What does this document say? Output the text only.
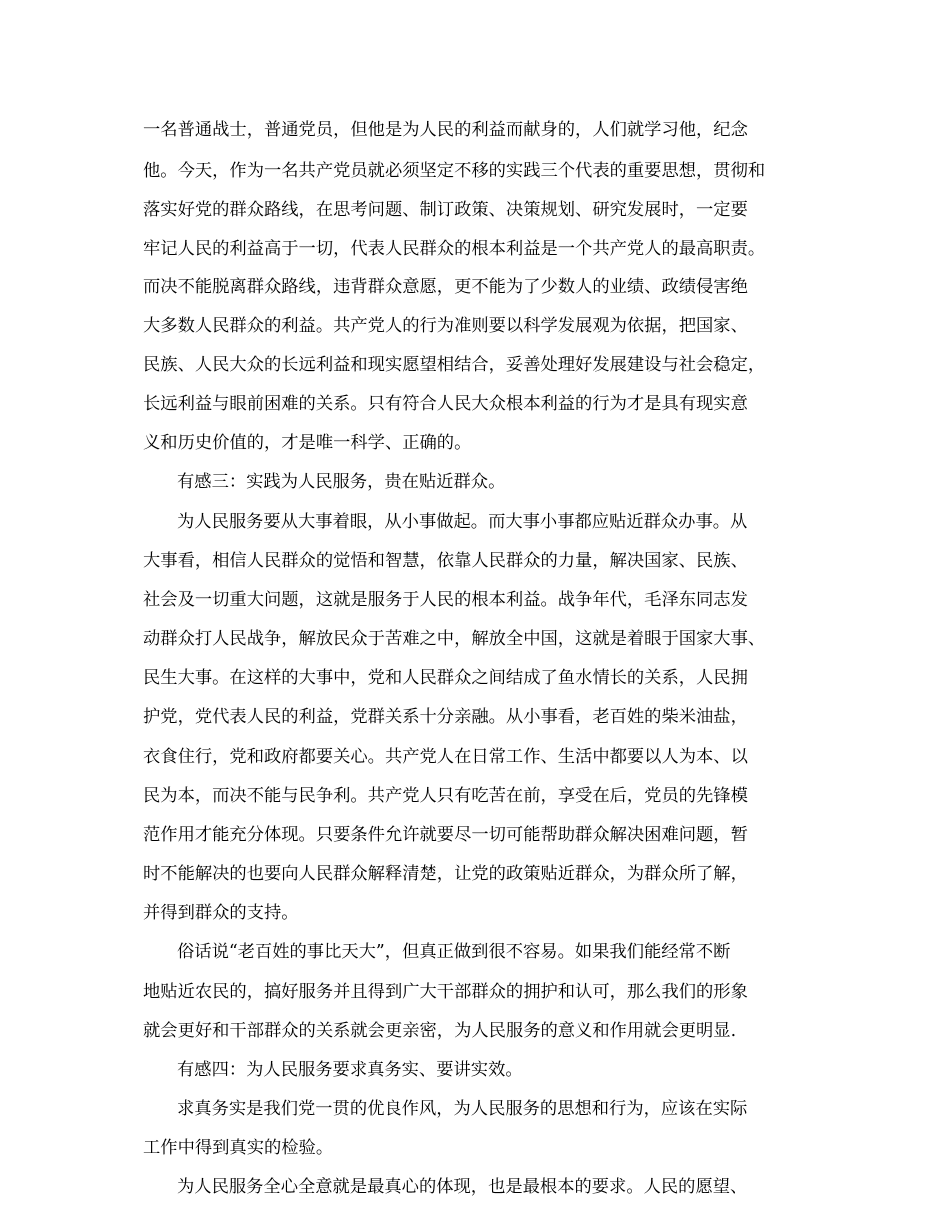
一名普通战士，普通党员，但他是为人民的利益而献身的，人们就学习他，纪念
他。今天，作为一名共产党员就必须坚定不移的实践三个代表的重要思想，贯彻和
落实好党的群众路线，在思考问题、制订政策、决策规划、研究发展时，一定要
牢记人民的利益高于一切，代表人民群众的根本利益是一个共产党人的最高职责。
而决不能脱离群众路线，违背群众意愿，更不能为了少数人的业绩、政绩侵害绝
大多数人民群众的利益。共产党人的行为准则要以科学发展观为依据，把国家、
民族、人民大众的长远利益和现实愿望相结合，妥善处理好发展建设与社会稳定，
长远利益与眼前困难的关系。只有符合人民大众根本利益的行为才是具有现实意
义和历史价值的，才是唯一科学、正确的。
有感三：实践为人民服务，贵在贴近群众。
为人民服务要从大事着眼，从小事做起。而大事小事都应贴近群众办事。从
大事看，相信人民群众的觉悟和智慧，依靠人民群众的力量，解决国家、民族、
社会及一切重大问题，这就是服务于人民的根本利益。战争年代，毛泽东同志发
动群众打人民战争，解放民众于苦难之中，解放全中国，这就是着眼于国家大事、
民生大事。在这样的大事中，党和人民群众之间结成了鱼水情长的关系，人民拥
护党，党代表人民的利益，党群关系十分亲融。从小事看，老百姓的柴米油盐，
衣食住行，党和政府都要关心。共产党人在日常工作、生活中都要以人为本、以
民为本，而决不能与民争利。共产党人只有吃苦在前，享受在后，党员的先锋模
范作用才能充分体现。只要条件允许就要尽一切可能帮助群众解决困难问题，暂
时不能解决的也要向人民群众解释清楚，让党的政策贴近群众，为群众所了解，
并得到群众的支持。
俗话说“老百姓的事比天大”，但真正做到很不容易。如果我们能经常不断
地贴近农民的，搞好服务并且得到广大干部群众的拥护和认可，那么我们的形象
就会更好和干部群众的关系就会更亲密，为人民服务的意义和作用就会更明显.
有感四：为人民服务要求真务实、要讲实效。
求真务实是我们党一贯的优良作风，为人民服务的思想和行为，应该在实际
工作中得到真实的检验。
为人民服务全心全意就是最真心的体现，也是最根本的要求。人民的愿望、
